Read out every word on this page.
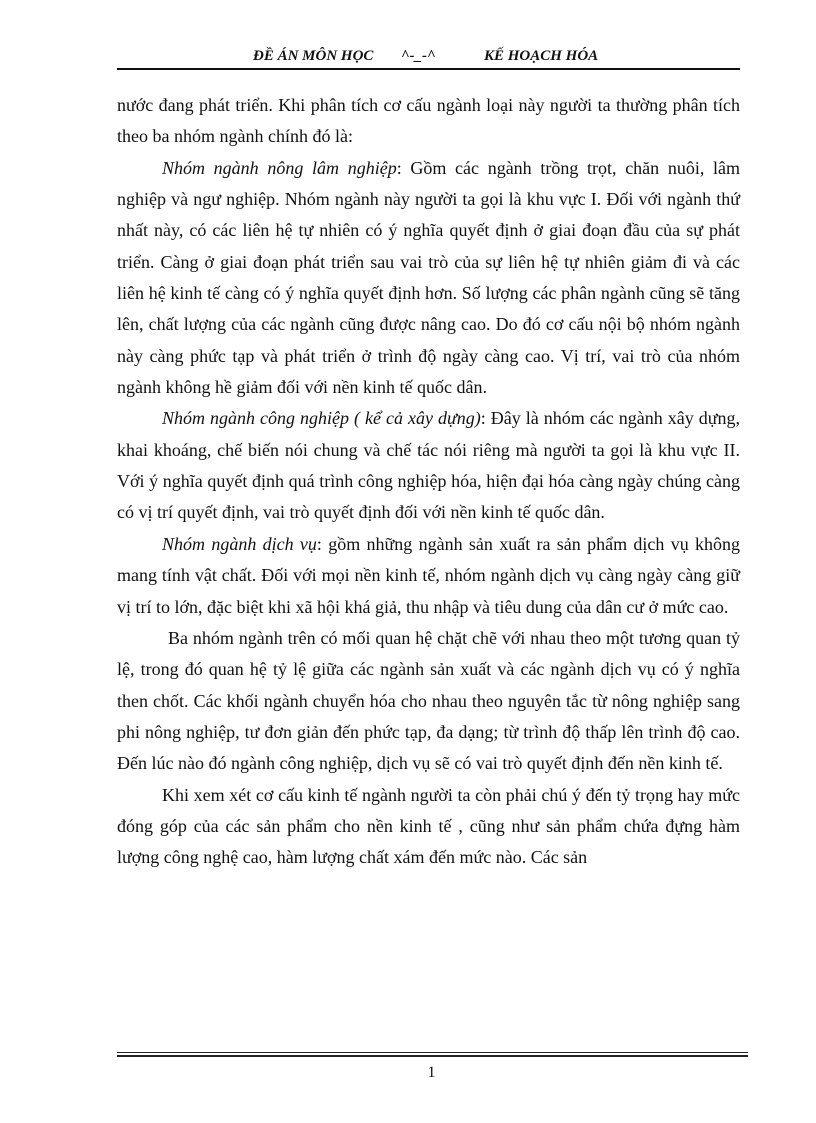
ĐỀ ÁN MÔN HỌC ^-_-^	KẾ HOẠCH HÓA

nước đang phát triển. Khi phân tích cơ cấu ngành loại này người ta thường phân tích theo ba nhóm ngành chính đó là:

Nhóm ngành nông lâm nghiệp: Gồm các ngành trồng trọt, chăn nuôi, lâm nghiệp và ngư nghiệp. Nhóm ngành này người ta gọi là khu vực I. Đối với ngành thứ nhất này, có các liên hệ tự nhiên có ý nghĩa quyết định ở giai đoạn đầu của sự phát triển. Càng ở giai đoạn phát triển sau vai trò của sự liên hệ tự nhiên giảm đi và các liên hệ kinh tế càng có ý nghĩa quyết định hơn. Số lượng các phân ngành cũng sẽ tăng lên, chất lượng của các ngành cũng được nâng cao. Do đó cơ cấu nội bộ nhóm ngành này càng phức tạp và phát triển ở trình độ ngày càng cao. Vị trí, vai trò của nhóm ngành không hề giảm đối với nền kinh tế quốc dân.

Nhóm ngành công nghiệp ( kể cả xây dựng): Đây là nhóm các ngành xây dựng, khai khoáng, chế biến nói chung và chế tác nói riêng mà người ta gọi là khu vực II. Với ý nghĩa quyết định quá trình công nghiệp hóa, hiện đại hóa càng ngày chúng càng có vị trí quyết định, vai trò quyết định đối với nền kinh tế quốc dân.

Nhóm ngành dịch vụ: gồm những ngành sản xuất ra sản phẩm dịch vụ không mang tính vật chất. Đối với mọi nền kinh tế, nhóm ngành dịch vụ càng ngày càng giữ vị trí to lớn, đặc biệt khi xã hội khá giả, thu nhập và tiêu dung của dân cư ở mức cao.

Ba nhóm ngành trên có mối quan hệ chặt chẽ với nhau theo một tương quan tỷ lệ, trong đó quan hệ tỷ lệ giữa các ngành sản xuất và các ngành dịch vụ có ý nghĩa then chốt. Các khối ngành chuyển hóa cho nhau theo nguyên tắc từ nông nghiệp sang phi nông nghiệp, tư đơn giản đến phức tạp, đa dạng; từ trình độ thấp lên trình độ cao. Đến lúc nào đó ngành công nghiệp, dịch vụ sẽ có vai trò quyết định đến nền kinh tế.

Khi xem xét cơ cấu kinh tế ngành người ta còn phải chú ý đến tỷ trọng hay mức đóng góp của các sản phẩm cho nền kinh tế , cũng như sản phẩm chứa đựng hàm lượng công nghệ cao, hàm lượng chất xám đến mức nào. Các sản

1
